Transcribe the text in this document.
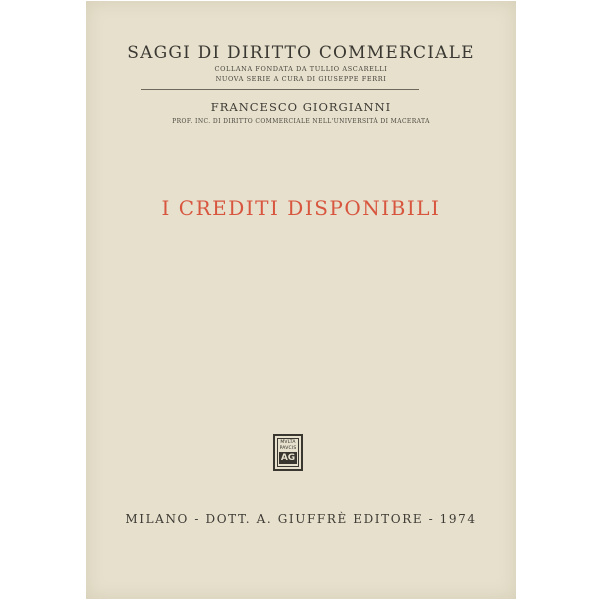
SAGGI DI DIRITTO COMMERCIALE
COLLANA FONDATA DA TULLIO ASCARELLI
NUOVA SERIE A CURA DI GIUSEPPE FERRI
FRANCESCO GIORGIANNI
PROF. INC. DI DIRITTO COMMERCIALE NELL'UNIVERSITÀ DI MACERATA
I CREDITI DISPONIBILI
MVLTA
PAVCIS
AG
MILANO - DOTT. A. GIUFFRÈ EDITORE - 1974
